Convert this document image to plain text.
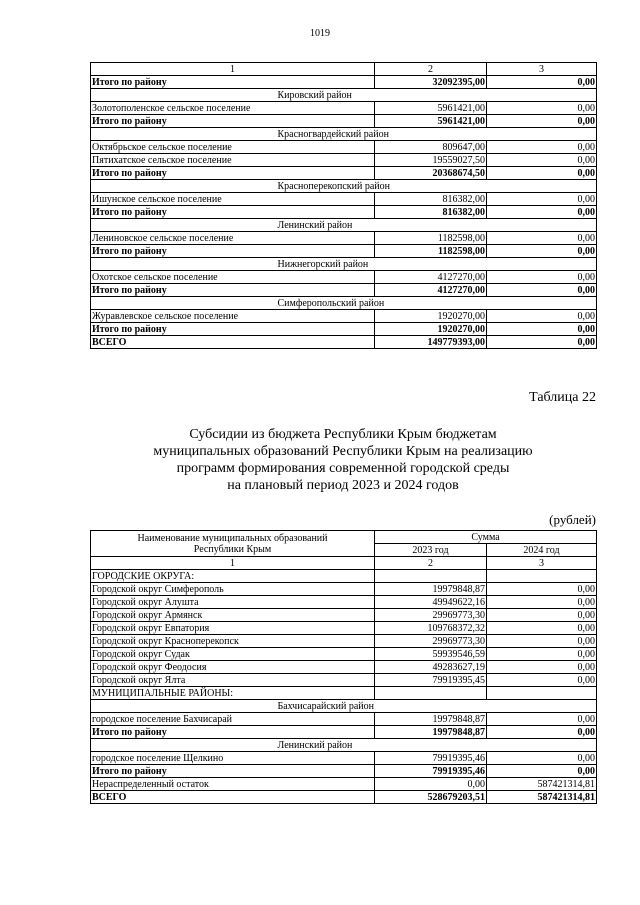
1019
1	2	3
Итого по району	32092395,00	0,00
	Кировский район	
Золотополенское сельское поселение	5961421,00	0,00
Итого по району	5961421,00	0,00
	Красногвардейский район	
Октябрьское сельское поселение	809647,00	0,00
Пятихатское сельское поселение	19559027,50	0,00
Итого по району	20368674,50	0,00
	Красноперекопский район	
Ишунское сельское поселение	816382,00	0,00
Итого по району	816382,00	0,00
	Ленинский район	
Лениновское сельское поселение	1182598,00	0,00
Итого по району	1182598,00	0,00
	Нижнегорский район	
Охотское сельское поселение	4127270,00	0,00
Итого по району	4127270,00	0,00
	Симферопольский район	
Журавлевское сельское поселение	1920270,00	0,00
Итого по району	1920270,00	0,00
ВСЕГО	149779393,00	0,00
Таблица 22
Субсидии из бюджета Республики Крым бюджетам
муниципальных образований Республики Крым на реализацию
программ формирования современной городской среды
на плановый период 2023 и 2024 годов
(рублей)
Наименование муниципальных образований
Республики Крым	Сумма	
	2023 год	2024 год
1	2	3
ГОРОДСКИЕ ОКРУГА:		
Городской округ Симферополь	19979848,87	0,00
Городской округ Алушта	49949622,16	0,00
Городской округ Армянск	29969773,30	0,00
Городской округ Евпатория	109768372,32	0,00
Городской округ Красноперекопск	29969773,30	0,00
Городской округ Судак	59939546,59	0,00
Городской округ Феодосия	49283627,19	0,00
Городской округ Ялта	79919395,45	0,00
МУНИЦИПАЛЬНЫЕ РАЙОНЫ:		
	Бахчисарайский район	
городское поселение Бахчисарай	19979848,87	0,00
Итого по району	19979848,87	0,00
	Ленинский район	
городское поселение Щелкино	79919395,46	0,00
Итого по району	79919395,46	0,00
Нераспределенный остаток	0,00	587421314,81
ВСЕГО	528679203,51	587421314,81
